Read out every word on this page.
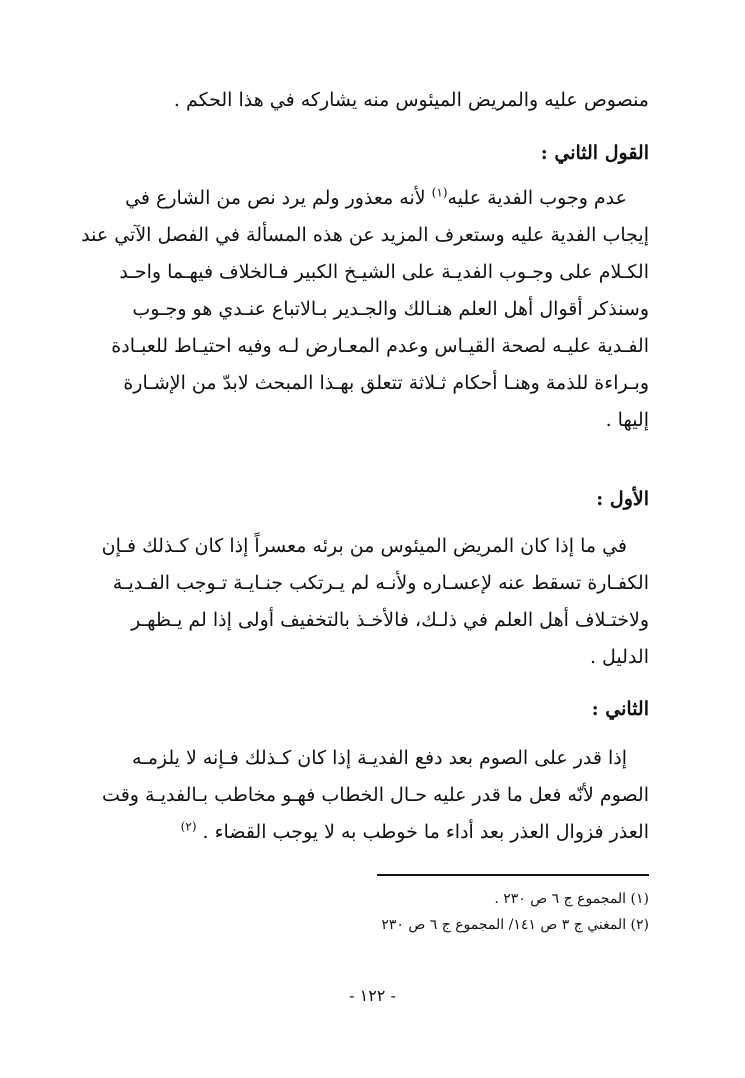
منصوص عليه والمريض الميئوس منه يشاركه في هذا الحكم .
القول الثاني :
عدم وجوب الفدية عليه$^{(١)}$ لأنه معذور ولم يرد نص من الشارع في
إيجاب الفدية عليه وستعرف المزيد عن هذه المسألة في الفصل الآتي عند
الكـلام على وجـوب الفديـة على الشيـخ الكبير فـالخلاف فيهـما واحـد
وسنذكر أقوال أهل العلم هنـالك والجـدير بـالاتباع عنـدي هو وجـوب
الفـدية عليـه لصحة القيـاس وعدم المعـارض لـه وفيه احتيـاط للعبـادة
وبـراءة للذمة وهنـا أحكام ثـلاثة تتعلق بهـذا المبحث لابدّ من الإشـارة
إليها .
الأول :
في ما إذا كان المريض الميئوس من برئه معسراً إذا كان كـذلك فـإن
الكفـارة تسقط عنه لإعسـاره ولأنـه لم يـرتكب جنـايـة تـوجب الفـديـة
ولاختـلاف أهل العلم في ذلـك، فالأخـذ بالتخفيف أولى إذا لم يـظهـر
الدليل .
الثاني :
إذا قدر على الصوم بعد دفع الفديـة إذا كان كـذلك فـإنه لا يلزمـه
الصوم لأنّه فعل ما قدر عليه حـال الخطاب فهـو مخاطب بـالفديـة وقت
العذر فزوال العذر بعد أداء ما خوطب به لا يوجب القضاء . $^{(٢)}$
(١) المجموع ج ٦ ص ٢٣٠ .
(٢) المغني ج ٣ ص ١٤١/ المجموع ج ٦ ص ٢٣٠
- ١٢٢ -
